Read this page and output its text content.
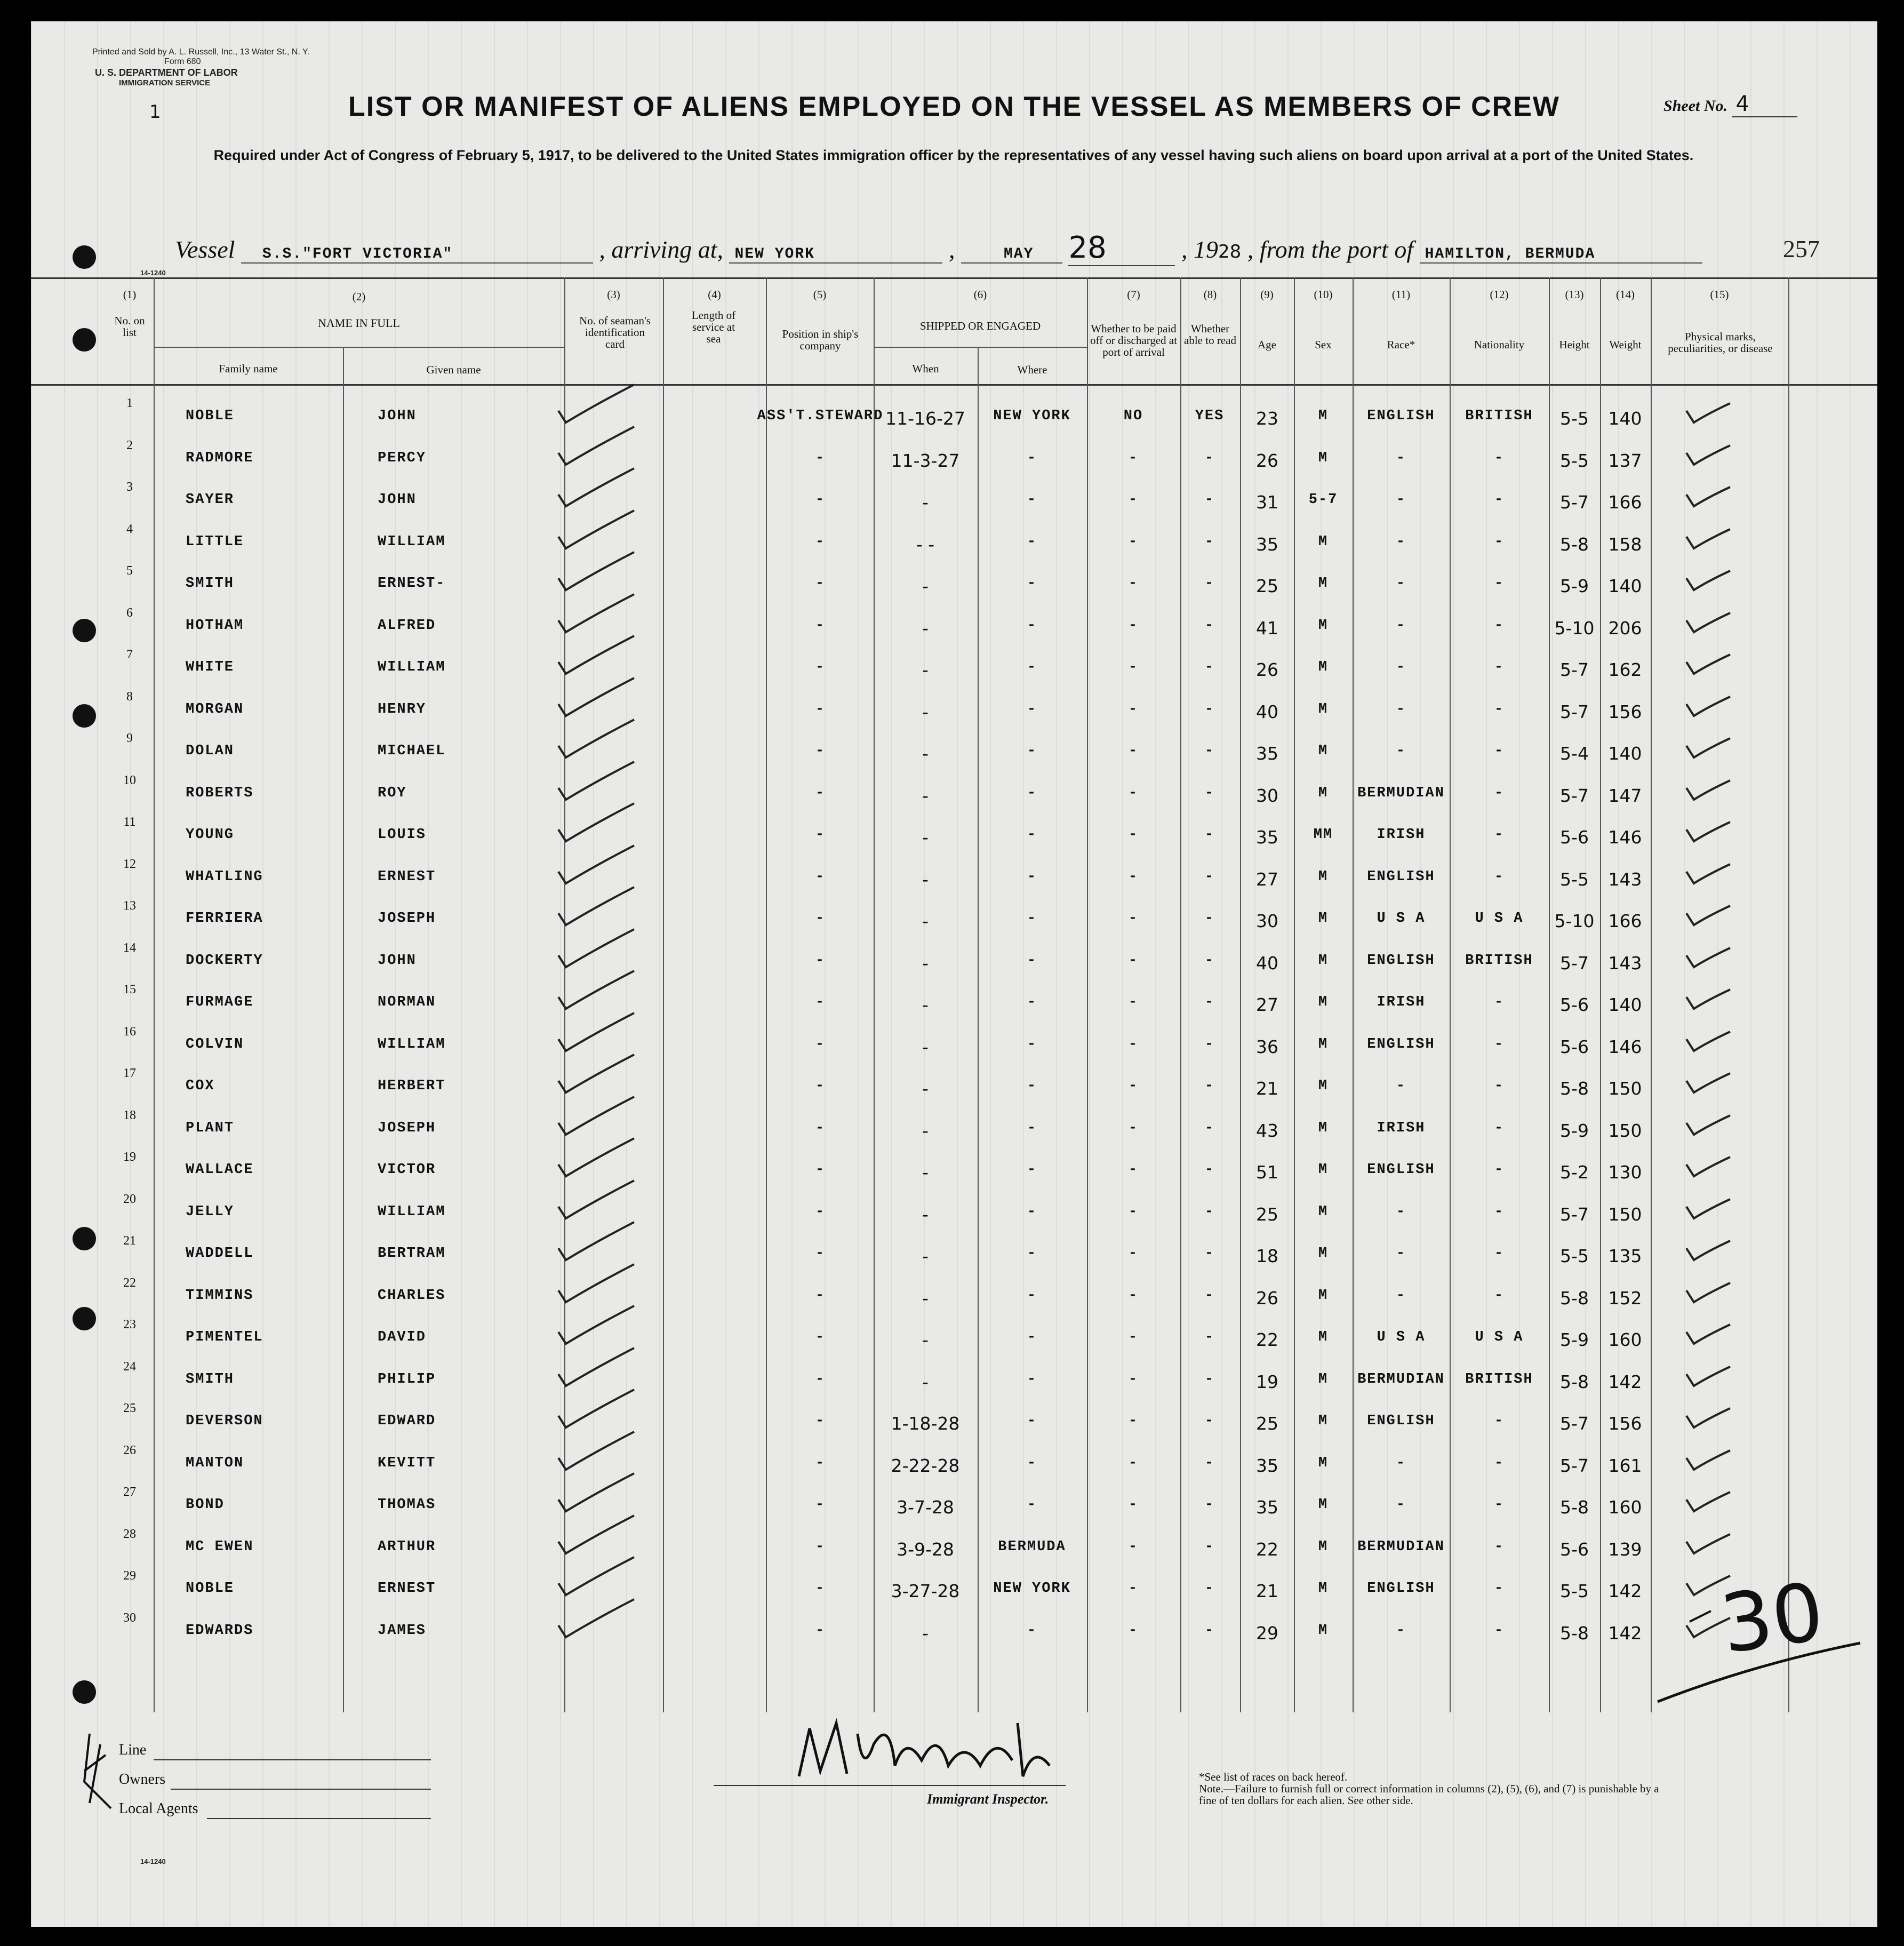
Printed and Sold by A. L. Russell, Inc., 13 Water St., N. Y.
Form 680
U. S. DEPARTMENT OF LABOR
IMMIGRATION SERVICE
1	Sheet No. 4
LIST OR MANIFEST OF ALIENS EMPLOYED ON THE VESSEL AS MEMBERS OF CREW
Required under Act of Congress of February 5, 1917, to be delivered to the United States immigration officer by the representatives of any vessel having such aliens on board upon arrival at a port of the United States.
Vessel S.S."FORT VICTORIA"	, arriving at, NEW YORK	,	MAY 28	, 1928 , from the port of HAMILTON, BERMUDA	257
14-1240
(1)	(2)	(3)	(4)	(5)	(6)	(7)	(8)	(9)	(10)	(11)	(12)	(13)	(14)	(15)
No. on list
NAME IN FULL
Family name	Given name
No. of seaman's identification card
Length of service at sea	Position in ship's company
SHIPPED OR ENGAGED
When	Where
Whether to be paid off or discharged at port of arrival
Whether able to read	Age	Sex	Race*	Nationality	Height	Weight
Physical marks, peculiarities, or disease
1
NOBLE	JOHN	ASS'T.STEWARD 11-16-27	NEW YORK	NO	YES	23	M	ENGLISH	BRITISH	5-5	140
2
RADMORE	PERCY	-	11-3-27	-	-	-	26	M	-	-	5-5	137
3
SAYER	JOHN	-	-	-	-	-	31	5-7	-	-	5-7	166
4
LITTLE	WILLIAM	-	- -	-	-	-	35	M	-	-	5-8	158
5
SMITH	ERNEST-	-	-	-	-	-	25	M	-	-	5-9	140
6
HOTHAM	ALFRED	-	-	-	-	-	41	M	-	-	5-10 206
7
WHITE	WILLIAM	-	-	-	-	-	26	M	-	-	5-7	162
8
MORGAN	HENRY	-	-	-	-	-	40	M	-	-	5-7	156
9
DOLAN	MICHAEL	-	-	-	-	-	35	M	-	-	5-4	140
10
ROBERTS	ROY	-	-	-	-	-	30	M	BERMUDIAN	-	5-7	147
11
YOUNG	LOUIS	-	-	-	-	-	35	MM	IRISH	-	5-6	146
12
WHATLING	ERNEST	-	-	-	-	-	27	M	ENGLISH	-	5-5	143
13
FERRIERA	JOSEPH	-	-	-	-	-	30	M	U S A	U S A	5-10 166
14
DOCKERTY	JOHN	-	-	-	-	-	40	M	ENGLISH	BRITISH	5-7	143
15
FURMAGE	NORMAN	-	-	-	-	-	27	M	IRISH	-	5-6	140
16
COLVIN	WILLIAM	-	-	-	-	-	36	M	ENGLISH	-	5-6	146
17
COX	HERBERT	-	-	-	-	-	21	M	-	-	5-8	150
18
PLANT	JOSEPH	-	-	-	-	-	43	M	IRISH	-	5-9	150
19
WALLACE	VICTOR	-	-	-	-	-	51	M	ENGLISH	-	5-2	130
20
JELLY	WILLIAM	-	-	-	-	-	25	M	-	-	5-7	150
21
WADDELL	BERTRAM	-	-	-	-	-	18	M	-	-	5-5	135
22
TIMMINS	CHARLES	-	-	-	-	-	26	M	-	-	5-8	152
23
PIMENTEL	DAVID	-	-	-	-	-	22	M	U S A	U S A	5-9	160
24
SMITH	PHILIP	-	-	-	-	-	19	M	BERMUDIAN	BRITISH	5-8	142
25
DEVERSON	EDWARD	-	1-18-28	-	-	-	25	M	ENGLISH	-	5-7	156
26
MANTON	KEVITT	-	2-22-28	-	-	-	35	M	-	-	5-7	161
27
BOND	THOMAS	-	3-7-28	-	-	-	35	M	-	-	5-8	160
28
MC EWEN	ARTHUR	-	3-9-28	BERMUDA	-	-	22	M	BERMUDIAN	-	5-6	139
29
NOBLE	ERNEST	-	3-27-28	NEW YORK	-	-	21	M	ENGLISH	-	5-5	142
30
EDWARDS	JAMES	-	-	-	-	-	29	M	-	-	5-8	142 30
Line
Owners
Local Agents
14-1240
Immigrant Inspector.
*See list of races on back hereof.
Note.—Failure to furnish full or correct information in columns (2), (5), (6), and (7) is punishable by a fine of ten dollars for each alien. See other side.
